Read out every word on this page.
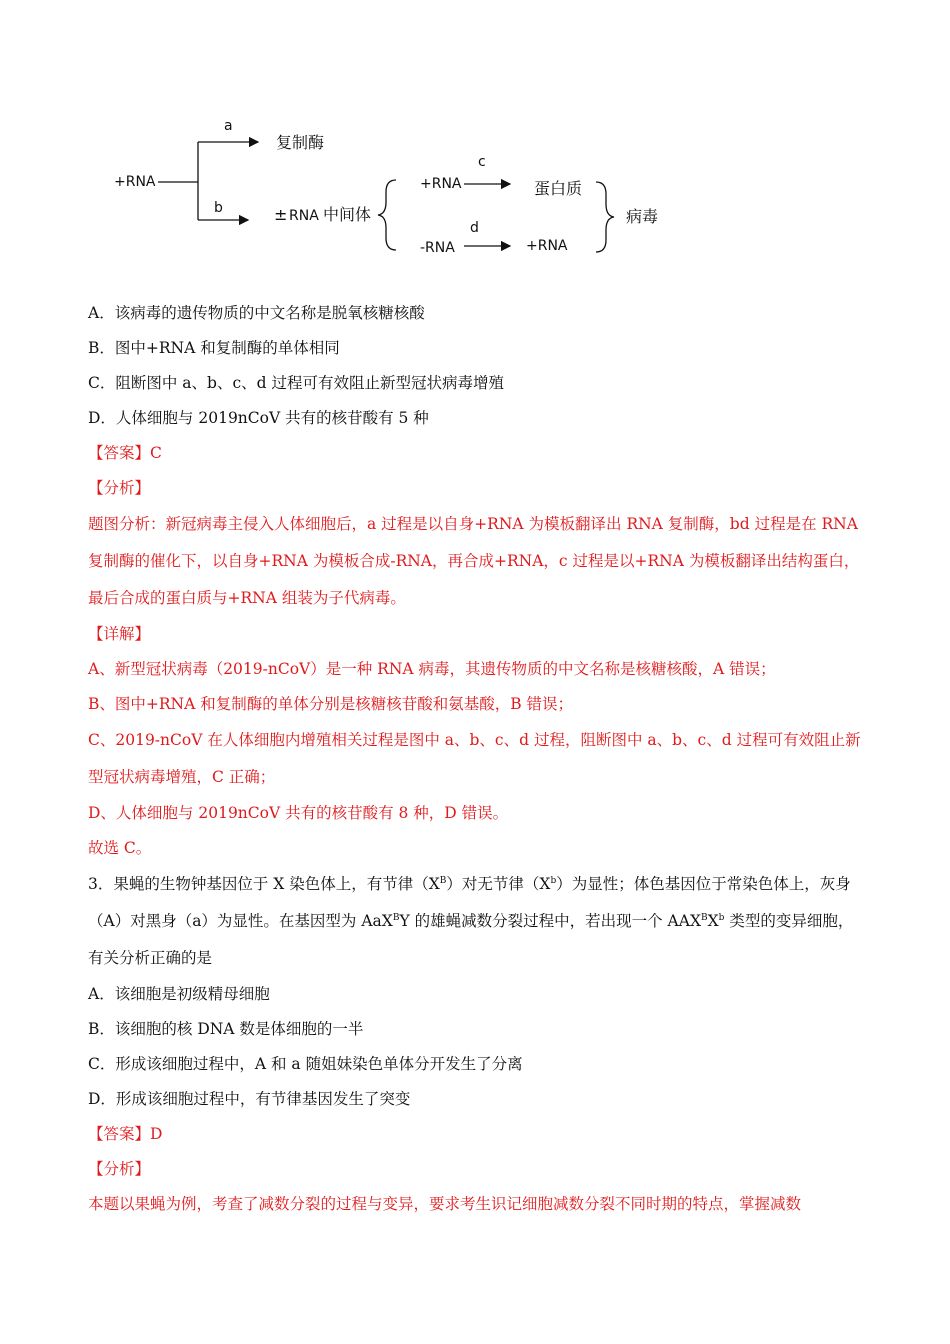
+RNA
a
b
复制酶
± RNA 中间体
+RNA
c
蛋白质
-RNA
d
+RNA
病毒
A．该病毒的遗传物质的中文名称是脱氧核糖核酸
B．图中+RNA 和复制酶的单体相同
C．阻断图中 a、b、c、d 过程可有效阻止新型冠状病毒增殖
D．人体细胞与 2019nCoV 共有的核苷酸有 5 种
【答案】C
【分析】
题图分析：新冠病毒主侵入人体细胞后，a 过程是以自身+RNA 为模板翻译出 RNA 复制酶，bd 过程是在 RNA 复制酶的催化下，以自身+RNA 为模板合成-RNA，再合成+RNA，c 过程是以+RNA 为模板翻译出结构蛋白，最后合成的蛋白质与+RNA 组装为子代病毒。
【详解】
A、新型冠状病毒（2019-nCoV）是一种 RNA 病毒，其遗传物质的中文名称是核糖核酸，A 错误；
B、图中+RNA 和复制酶的单体分别是核糖核苷酸和氨基酸，B 错误；
C、2019-nCoV 在人体细胞内增殖相关过程是图中 a、b、c、d 过程，阻断图中 a、b、c、d 过程可有效阻止新型冠状病毒增殖，C 正确；
D、人体细胞与 2019nCoV 共有的核苷酸有 8 种，D 错误。
故选 C。
3．果蝇的生物钟基因位于 X 染色体上，有节律$(X^B)$对无节律$(X^b)$为显性；体色基因位于常染色体上，灰身（A）对黑身（a）为显性。在基因型为 AaX$^B$Y 的雄蝇减数分裂过程中，若出现一个 $AAX^BX^b$ 类型的变异细胞，有关分析正确的是
A．该细胞是初级精母细胞
B．该细胞的核 DNA 数是体细胞的一半
C．形成该细胞过程中，A 和 a 随姐妹染色单体分开发生了分离
D．形成该细胞过程中，有节律基因发生了突变
【答案】D
【分析】
本题以果蝇为例，考查了减数分裂的过程与变异，要求考生识记细胞减数分裂不同时期的特点，掌握减数
